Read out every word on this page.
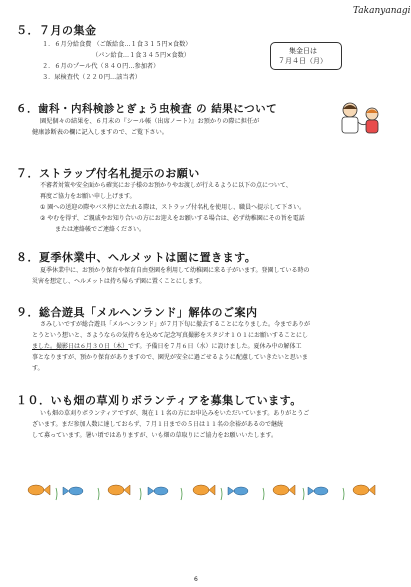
Takanyanagi
５．７月の集金
１．６月分給食費 （ご飯給食…１食３１５円×食数）
（パン給食…１食３４５円×食数）
２．６月のプール代（８４０円…参加者）
３．尿検査代（２２０円…該当者）
集金日は
７月４日（月）
６．歯科・内科検診とぎょう虫検査 の 結果について
園児個々の結果を、６月末の『シール帳（出席ノート）』お預かりの際に担任が
健康診断表の欄に記入しますので、ご覧下さい。
７．ストラップ付名札提示のお願い
不審者対策や安全面から確実にお子様のお預かりやお渡しが行えるように以下の点について、
再度ご協力をお願い申し上げます。
① 園への送迎の際やバス停に立たれる際は、ストラップ付名札を使用し、職員へ提示して下さい。
② やむを得ず、ご親戚やお知り合いの方にお迎えをお願いする場合は、必ず幼稚園にその旨を電話
または連絡帳でご連絡ください。
８．夏季休業中、ヘルメットは園に置きます。
夏季休業中に、お預かり保育や保育自由登園を利用して幼稚園に来る子がいます。登園している時の
災害を想定し、ヘルメットは持ち帰らず園に置くことにします。
９．総合遊具「メルヘンランド」解体のご案内
さみしいですが総合遊具「メルヘンランド」が７月下旬に撤去することになりました。今までありが
とうという想いと、さようならの気持ちを込めて記念写真撮影をスタジオ１０１にお願いすることにし
ました。撮影日は６月３０日（木）です。予備日を７月６日（水）に設けました。夏休み中の解体工
事となりますが、預かり保育がありますので、園児が安全に過ごせるように配慮していきたいと思いま
す。
１０．いも畑の草刈りボランティアを募集しています。
いも畑の草刈りボランティアですが、現在１１名の方にお申込みをいただいています。ありがとうご
ざいます。まだ参加人数に達しておらず、７月１日までの５日は１１名の余裕があるので継続
して募っています。暑い頃ではありますが、いも畑の草取りにご協力をお願いいたします。
6
